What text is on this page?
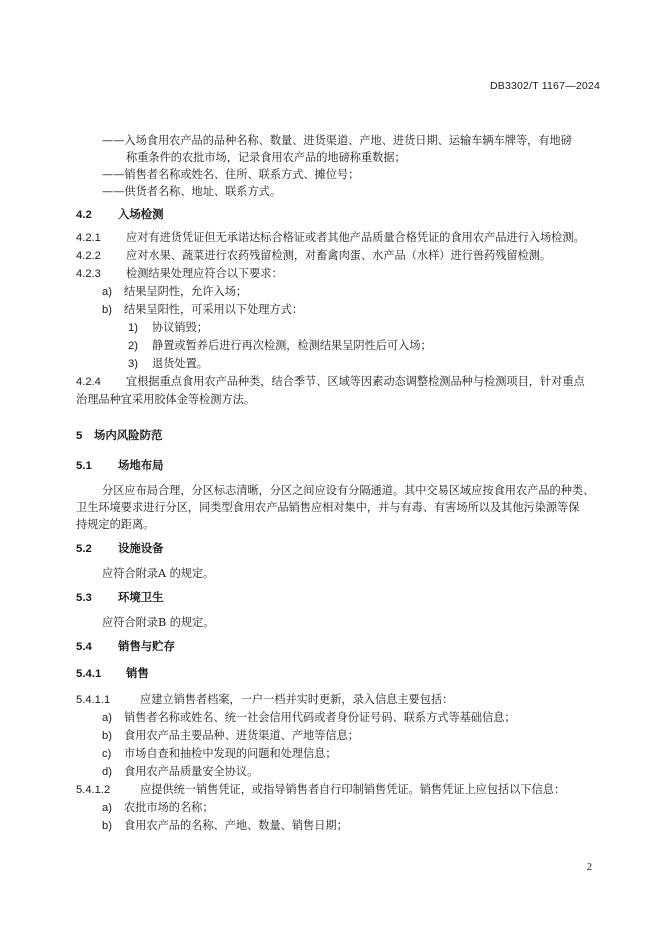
DB3302/T 1167—2024
——入场食用农产品的品种名称、数量、进货渠道、产地、进货日期、运输车辆车牌等，有地磅
称重条件的农批市场，记录食用农产品的地磅称重数据；
——销售者名称或姓名、住所、联系方式、摊位号；
——供货者名称、地址、联系方式。
4.2 入场检测
4.2.1 应对有进货凭证但无承诺达标合格证或者其他产品质量合格凭证的食用农产品进行入场检测。
4.2.2 应对水果、蔬菜进行农药残留检测，对畜禽肉蛋、水产品（水样）进行兽药残留检测。
4.2.3 检测结果处理应符合以下要求：
a) 结果呈阴性，允许入场；
b) 结果呈阳性，可采用以下处理方式：
1) 协议销毁；
2) 静置或暂养后进行再次检测，检测结果呈阴性后可入场；
3) 退货处置。
4.2.4 宜根据重点食用农产品种类，结合季节、区域等因素动态调整检测品种与检测项目，针对重点
治理品种宜采用胶体金等检测方法。
5 场内风险防范
5.1 场地布局
分区应布局合理，分区标志清晰，分区之间应设有分隔通道。其中交易区域应按食用农产品的种类、
卫生环境要求进行分区，同类型食用农产品销售应相对集中，并与有毒、有害场所以及其他污染源等保
持规定的距离。
5.2 设施设备
应符合附录A 的规定。
5.3 环境卫生
应符合附录B 的规定。
5.4 销售与贮存
5.4.1 销售
5.4.1.1	应建立销售者档案，一户一档并实时更新，录入信息主要包括：
a) 销售者名称或姓名、统一社会信用代码或者身份证号码、联系方式等基础信息；
b) 食用农产品主要品种、进货渠道、产地等信息；
c) 市场自查和抽检中发现的问题和处理信息；
d) 食用农产品质量安全协议。
5.4.1.2	应提供统一销售凭证，或指导销售者自行印制销售凭证。销售凭证上应包括以下信息：
a) 农批市场的名称；
b) 食用农产品的名称、产地、数量、销售日期；
2
